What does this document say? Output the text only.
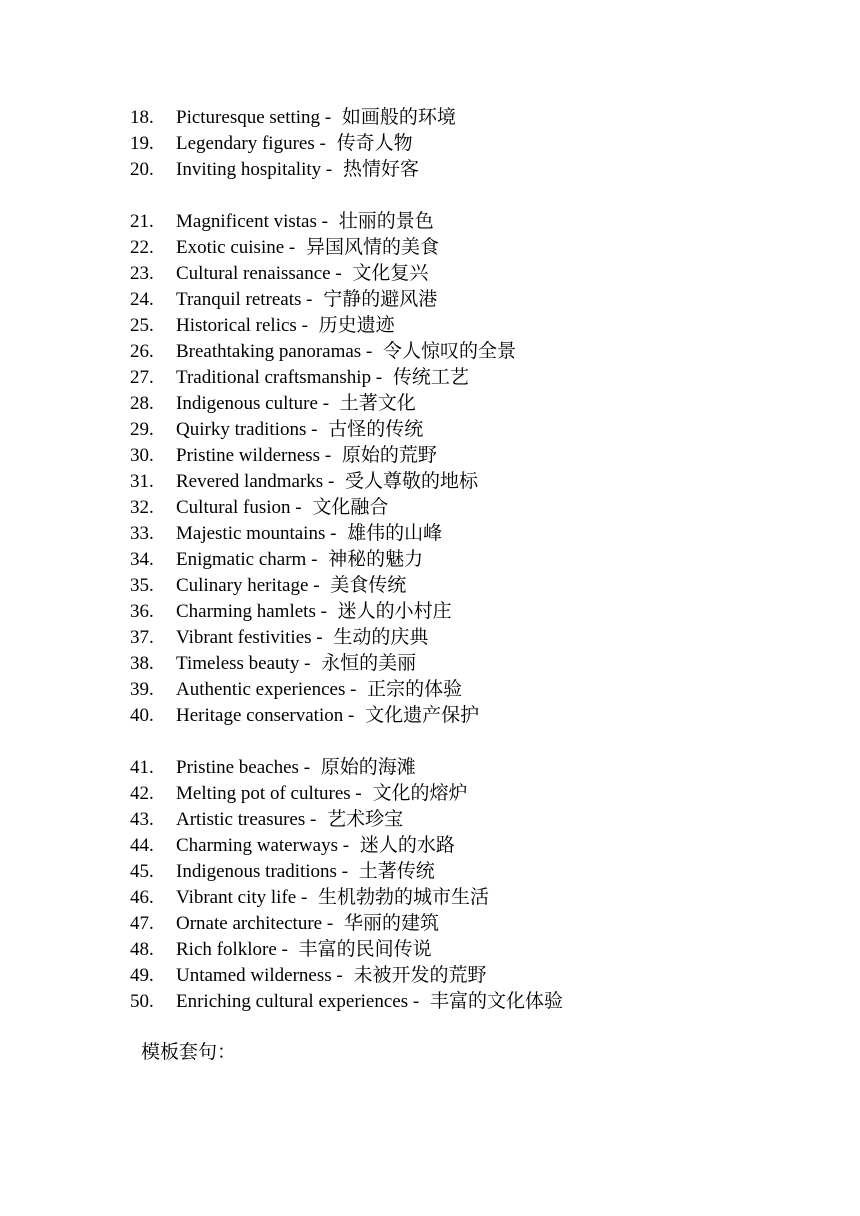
18.	Picturesque setting - 如画般的环境
19.	Legendary figures - 传奇人物
20.	Inviting hospitality - 热情好客
21.	Magnificent vistas - 壮丽的景色
22.	Exotic cuisine - 异国风情的美食
23.	Cultural renaissance - 文化复兴
24.	Tranquil retreats - 宁静的避风港
25.	Historical relics - 历史遗迹
26.	Breathtaking panoramas - 令人惊叹的全景
27.	Traditional craftsmanship - 传统工艺
28.	Indigenous culture - 土著文化
29.	Quirky traditions - 古怪的传统
30.	Pristine wilderness - 原始的荒野
31.	Revered landmarks - 受人尊敬的地标
32.	Cultural fusion - 文化融合
33.	Majestic mountains - 雄伟的山峰
34.	Enigmatic charm - 神秘的魅力
35.	Culinary heritage - 美食传统
36.	Charming hamlets - 迷人的小村庄
37.	Vibrant festivities - 生动的庆典
38.	Timeless beauty - 永恒的美丽
39.	Authentic experiences - 正宗的体验
40.	Heritage conservation - 文化遗产保护
41.	Pristine beaches - 原始的海滩
42.	Melting pot of cultures - 文化的熔炉
43.	Artistic treasures - 艺术珍宝
44.	Charming waterways - 迷人的水路
45.	Indigenous traditions - 土著传统
46.	Vibrant city life - 生机勃勃的城市生活
47.	Ornate architecture - 华丽的建筑
48.	Rich folklore - 丰富的民间传说
49.	Untamed wilderness - 未被开发的荒野
50.	Enriching cultural experiences - 丰富的文化体验
模板套句：
